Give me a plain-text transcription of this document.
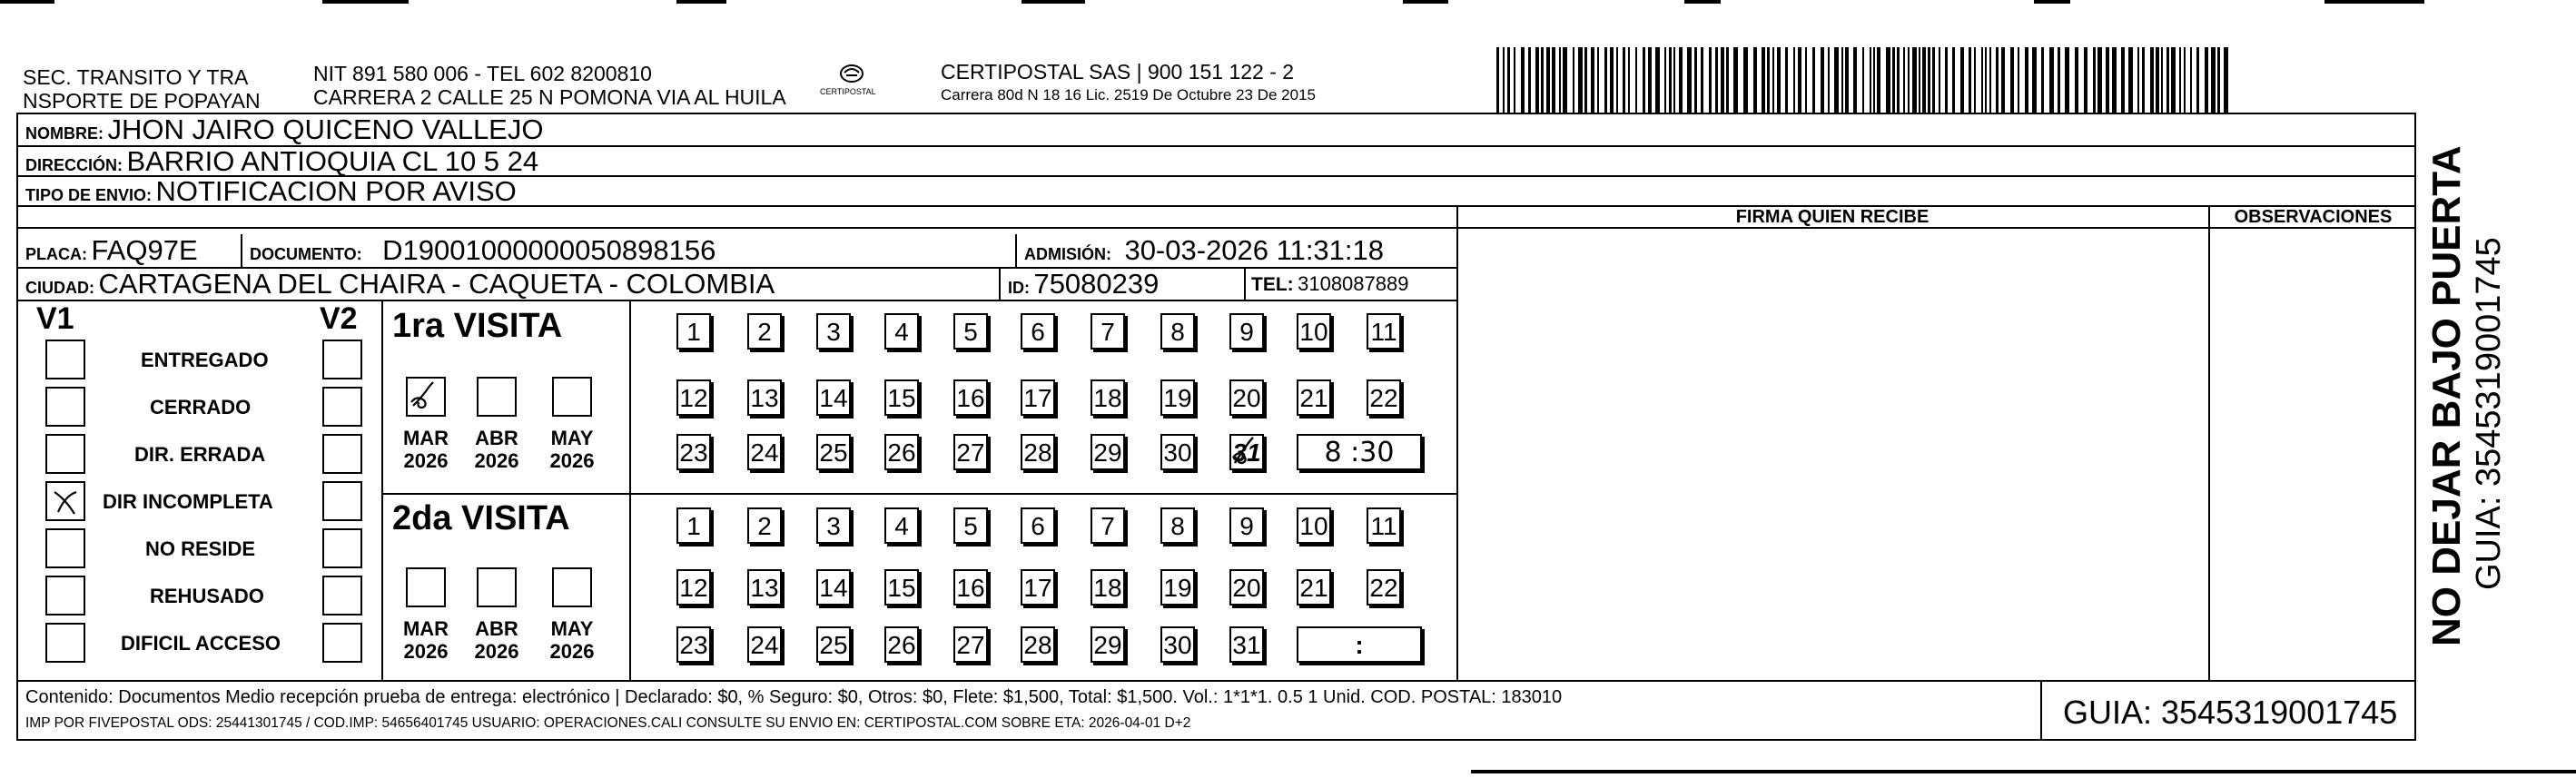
SEC. TRANSITO Y TRA
NSPORTE DE POPAYAN
NIT 891 580 006 - TEL 602 8200810
CARRERA 2 CALLE 25 N POMONA VIA AL HUILA	CERTIPOSTAL
CERTIPOSTAL SAS | 900 151 122 - 2
Carrera 80d N 18 16 Lic. 2519 De Octubre 23 De 2015
NOMBRE: JHON JAIRO QUICENO VALLEJO
DIRECCIÓN: BARRIO ANTIOQUIA CL 10 5 24
TIPO DE ENVIO: NOTIFICACION POR AVISO
PLACA: FAQ97E	DOCUMENTO: D19001000000050898156	ADMISIÓN: 30-03-2026 11:31:18
CIUDAD: CARTAGENA DEL CHAIRA - CAQUETA - COLOMBIA	ID: 75080239	TEL: 3108087889
FIRMA QUIEN RECIBE	OBSERVACIONES
V1	V2
ENTREGADO
CERRADO
DIR. ERRADA
DIR INCOMPLETA
NO RESIDE
REHUSADO
DIFICIL ACCESO
1ra VISITA
MAR
2026
ABR
2026
MAY
2026
1	2	3	4	5	6	7	8	9	10 11
12 13 14 15 16 17 18 19 20 21 22
23 24 25 26 27 28 29 30 31	8 :30
2da VISITA
MAR
2026
ABR
2026
MAY
2026
1	2	3	4	5	6	7	8	9	10 11
12 13 14 15 16 17 18 19 20 21 22
23 24 25 26 27 28 29 30 31	:
Contenido: Documentos Medio recepción prueba de entrega: electrónico | Declarado: $0, % Seguro: $0, Otros: $0, Flete: $1,500, Total: $1,500. Vol.: 1*1*1. 0.5 1 Unid. COD. POSTAL: 183010
IMP POR FIVEPOSTAL ODS: 25441301745 / COD.IMP: 54656401745 USUARIO: OPERACIONES.CALI CONSULTE SU ENVIO EN: CERTIPOSTAL.COM SOBRE ETA: 2026-04-01 D+2	GUIA: 3545319001745
NO DEJAR BAJO PUERTA GUIA: 3545319001745
